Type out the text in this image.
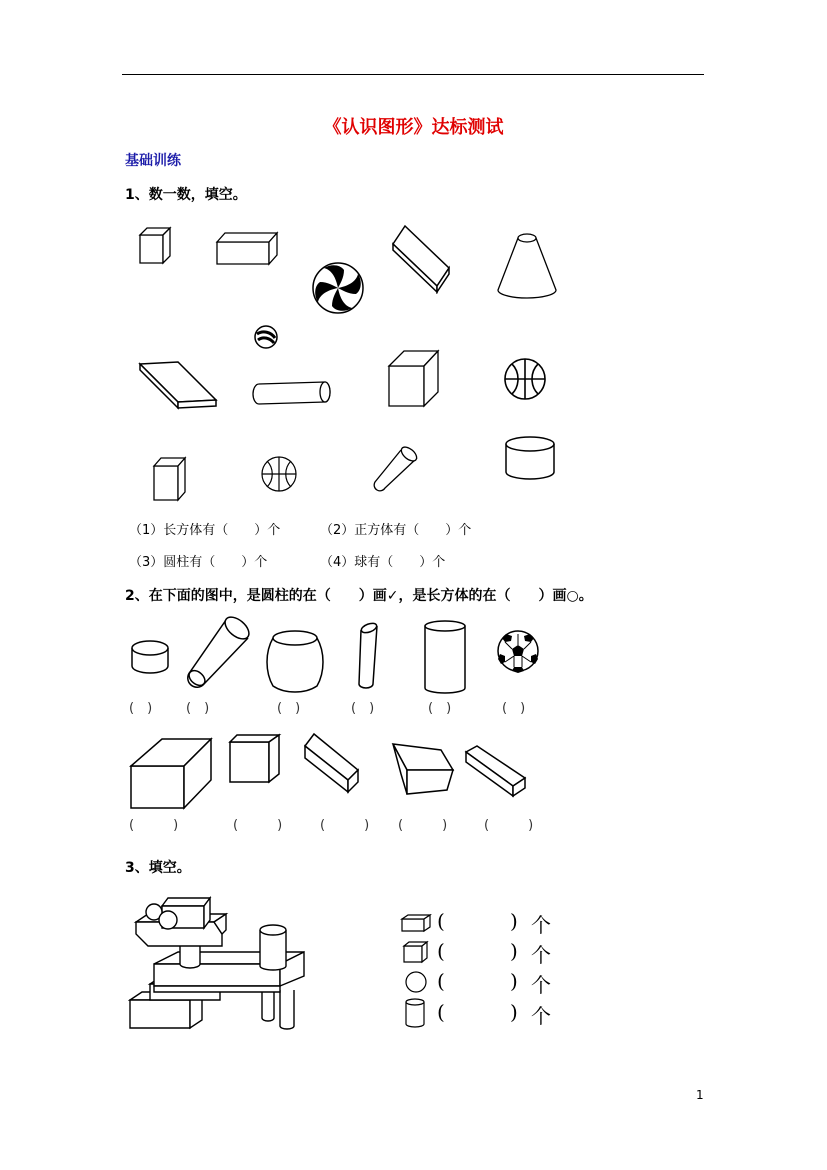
《认识图形》达标测试
基础训练
1、数一数，填空。
（1）长方体有（　　）个	（2）正方体有（　　）个
（3）圆柱有（　　）个	（4）球有（　　）个
2、在下面的图中，是圆柱的在（　　）画✓，是长方体的在（　　）画○。
(　)	(　)	(　)	(　)	(　)	(　)
(　　　)	(　　　)	(　　　) (　　　)	(　　　)
3、填空。
(	) 个
(	) 个
(	) 个
(	) 个
1
